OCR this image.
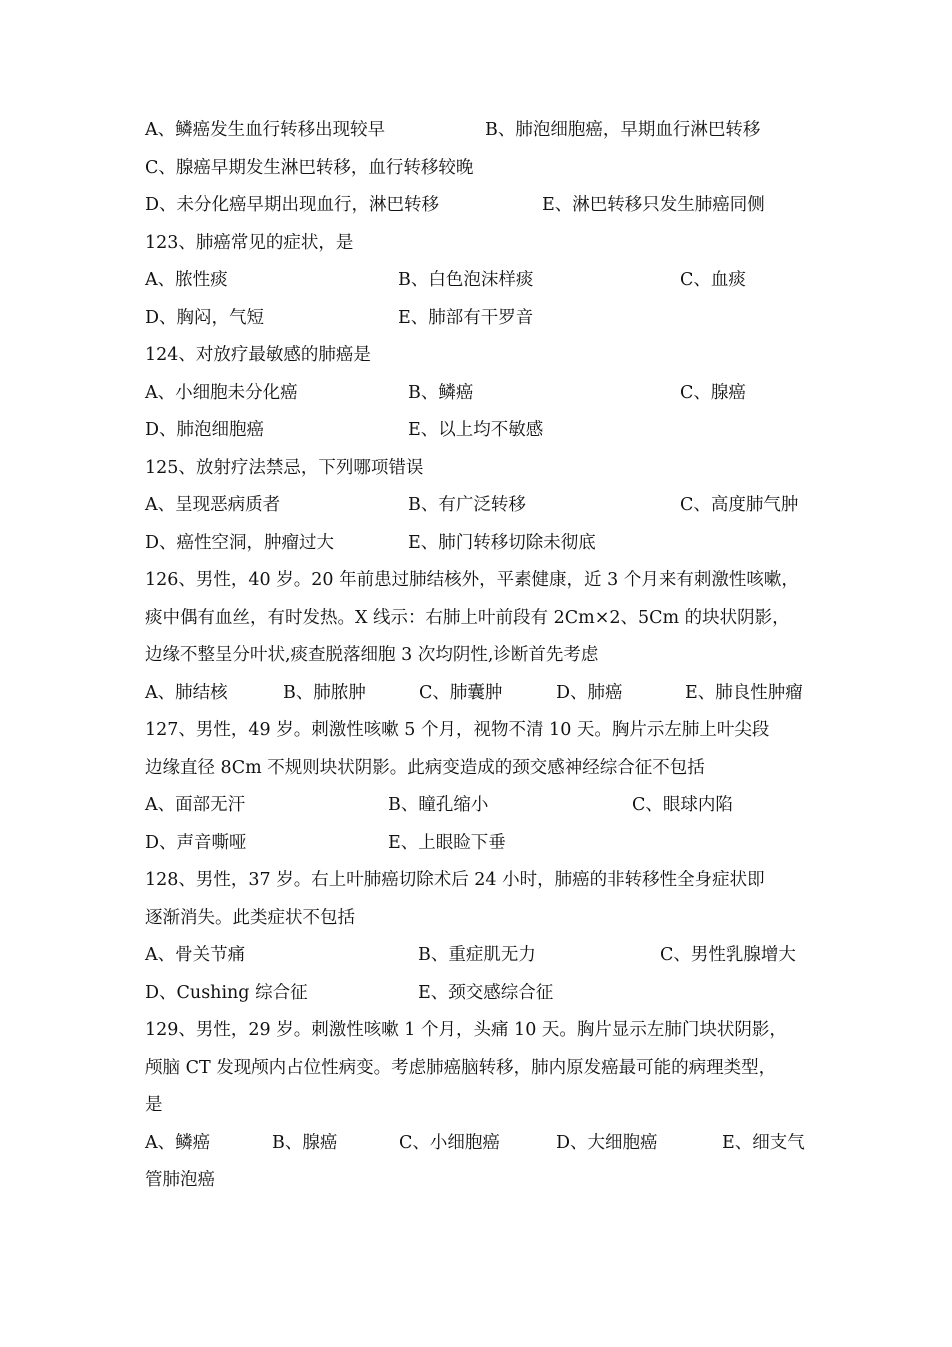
A、鳞癌发生血行转移出现较早	B、肺泡细胞癌，早期血行淋巴转移
C、腺癌早期发生淋巴转移，血行转移较晚
D、未分化癌早期出现血行，淋巴转移	E、淋巴转移只发生肺癌同侧
123、肺癌常见的症状，是
A、脓性痰	B、白色泡沫样痰	C、血痰
D、胸闷，气短	E、肺部有干罗音
124、对放疗最敏感的肺癌是
A、小细胞未分化癌	B、鳞癌	C、腺癌
D、肺泡细胞癌	E、以上均不敏感
125、放射疗法禁忌，下列哪项错误
A、呈现恶病质者	B、有广泛转移	C、高度肺气肿
D、癌性空洞，肿瘤过大	E、肺门转移切除未彻底
126、男性，40 岁。20 年前患过肺结核外，平素健康，近 3 个月来有刺激性咳嗽，
痰中偶有血丝，有时发热。X 线示：右肺上叶前段有 2Cm×2、5Cm 的块状阴影，
边缘不整呈分叶状,痰查脱落细胞 3 次均阴性,诊断首先考虑
A、肺结核	B、肺脓肿	C、肺囊肿	D、肺癌	E、肺良性肿瘤
127、男性，49 岁。刺激性咳嗽 5 个月，视物不清 10 天。胸片示左肺上叶尖段
边缘直径 8Cm 不规则块状阴影。此病变造成的颈交感神经综合征不包括
A、面部无汗	B、瞳孔缩小	C、眼球内陷
D、声音嘶哑	E、上眼睑下垂
128、男性，37 岁。右上叶肺癌切除术后 24 小时，肺癌的非转移性全身症状即
逐渐消失。此类症状不包括
A、骨关节痛	B、重症肌无力	C、男性乳腺增大
D、Cushing 综合征	E、颈交感综合征
129、男性，29 岁。刺激性咳嗽 1 个月，头痛 10 天。胸片显示左肺门块状阴影，
颅脑 CT 发现颅内占位性病变。考虑肺癌脑转移，肺内原发癌最可能的病理类型，
是
A、鳞癌	B、腺癌	C、小细胞癌	D、大细胞癌	E、细支气
管肺泡癌
